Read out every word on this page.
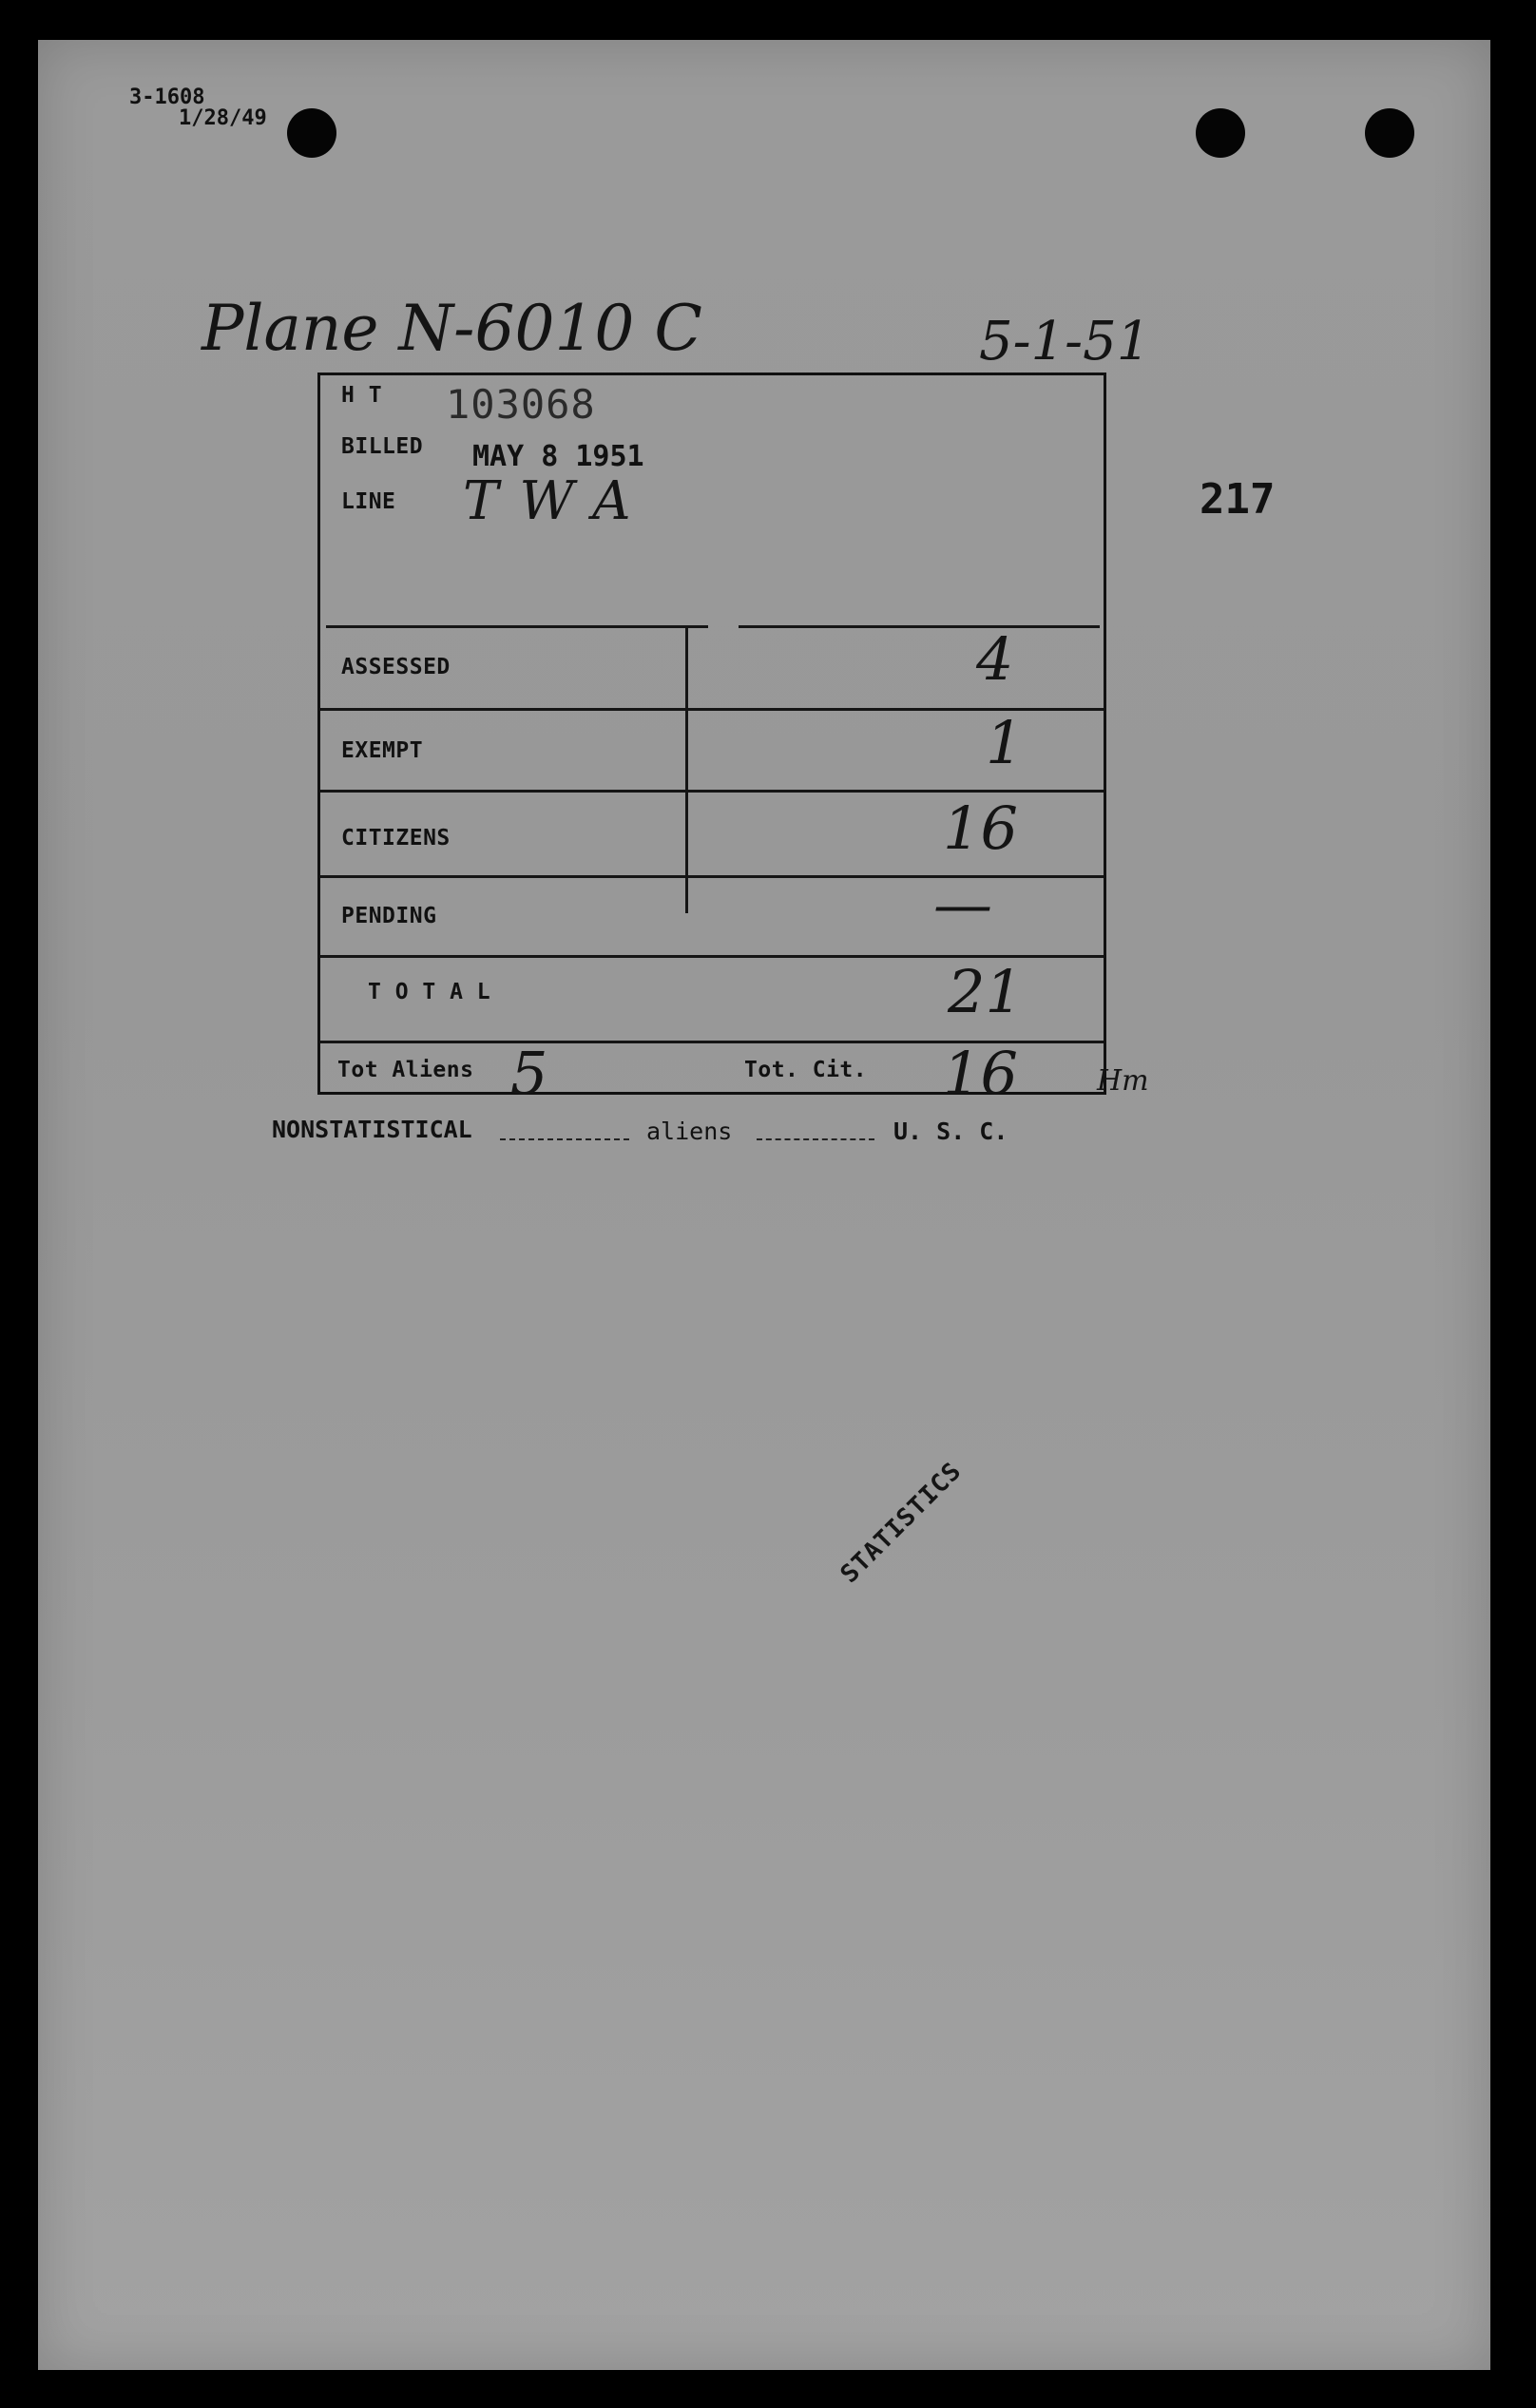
3-1608
1/28/49
Plane N-6010 C	5-1-51
217
H T 103068
BILLED MAY 8 1951
LINE TWA
ASSESSED	4
EXEMPT	1
CITIZENS	16
PENDING	—
T O T A L	21
Tot Aliens 5	Tot. Cit. 16	Hm
NONSTATISTICAL	aliens	U. S. C.
STATISTICS
